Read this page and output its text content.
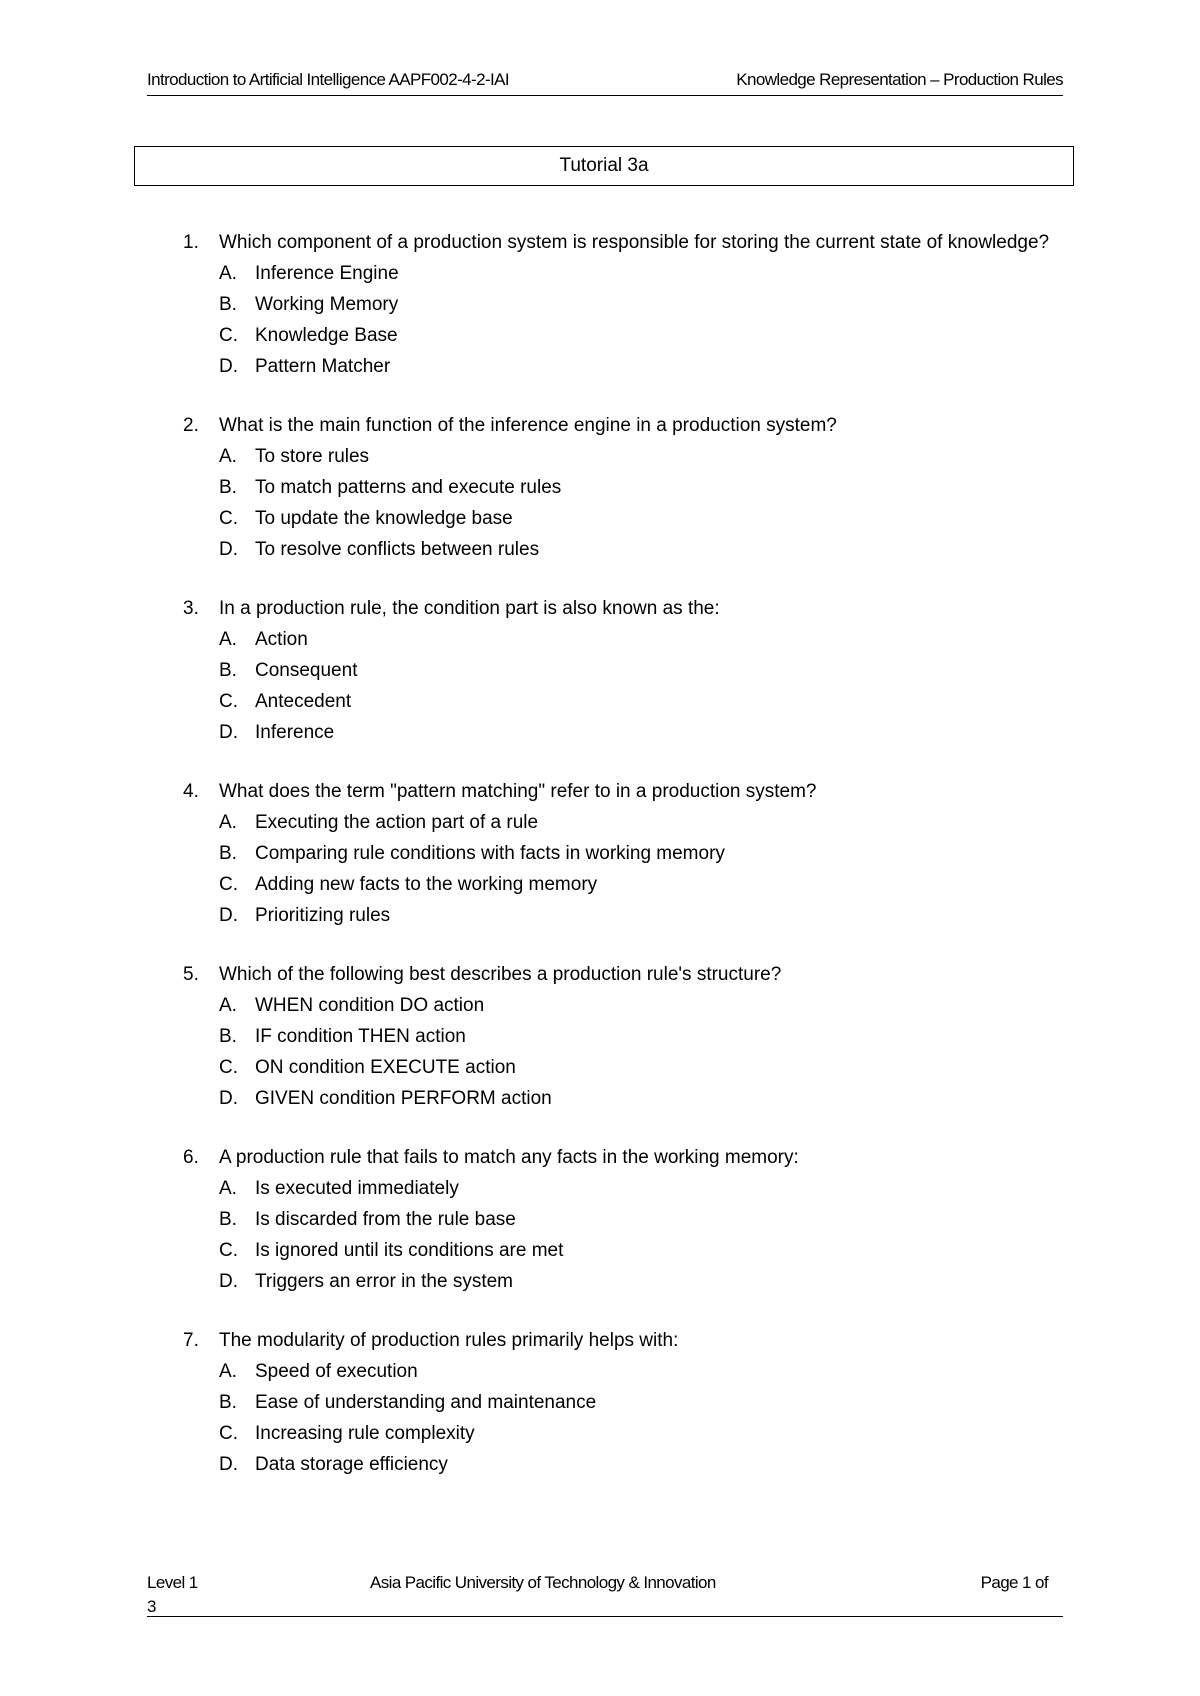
Introduction to Artificial Intelligence AAPF002-4-2-IAI	Knowledge Representation – Production Rules
Tutorial 3a
1.	Which component of a production system is responsible for storing the current state of knowledge?
A. Inference Engine
B. Working Memory
C. Knowledge Base
D. Pattern Matcher
2.	What is the main function of the inference engine in a production system?
A. To store rules
B. To match patterns and execute rules
C. To update the knowledge base
D. To resolve conflicts between rules
3.	In a production rule, the condition part is also known as the:
A. Action
B. Consequent
C. Antecedent
D. Inference
4.	What does the term "pattern matching" refer to in a production system?
A. Executing the action part of a rule
B. Comparing rule conditions with facts in working memory
C. Adding new facts to the working memory
D. Prioritizing rules
5.	Which of the following best describes a production rule's structure?
A. WHEN condition DO action
B. IF condition THEN action
C. ON condition EXECUTE action
D. GIVEN condition PERFORM action
6.	A production rule that fails to match any facts in the working memory:
A. Is executed immediately
B. Is discarded from the rule base
C. Is ignored until its conditions are met
D. Triggers an error in the system
7.	The modularity of production rules primarily helps with:
A. Speed of execution
B. Ease of understanding and maintenance
C. Increasing rule complexity
D. Data storage efficiency
Level 1
3
Asia Pacific University of Technology & Innovation	Page 1 of
